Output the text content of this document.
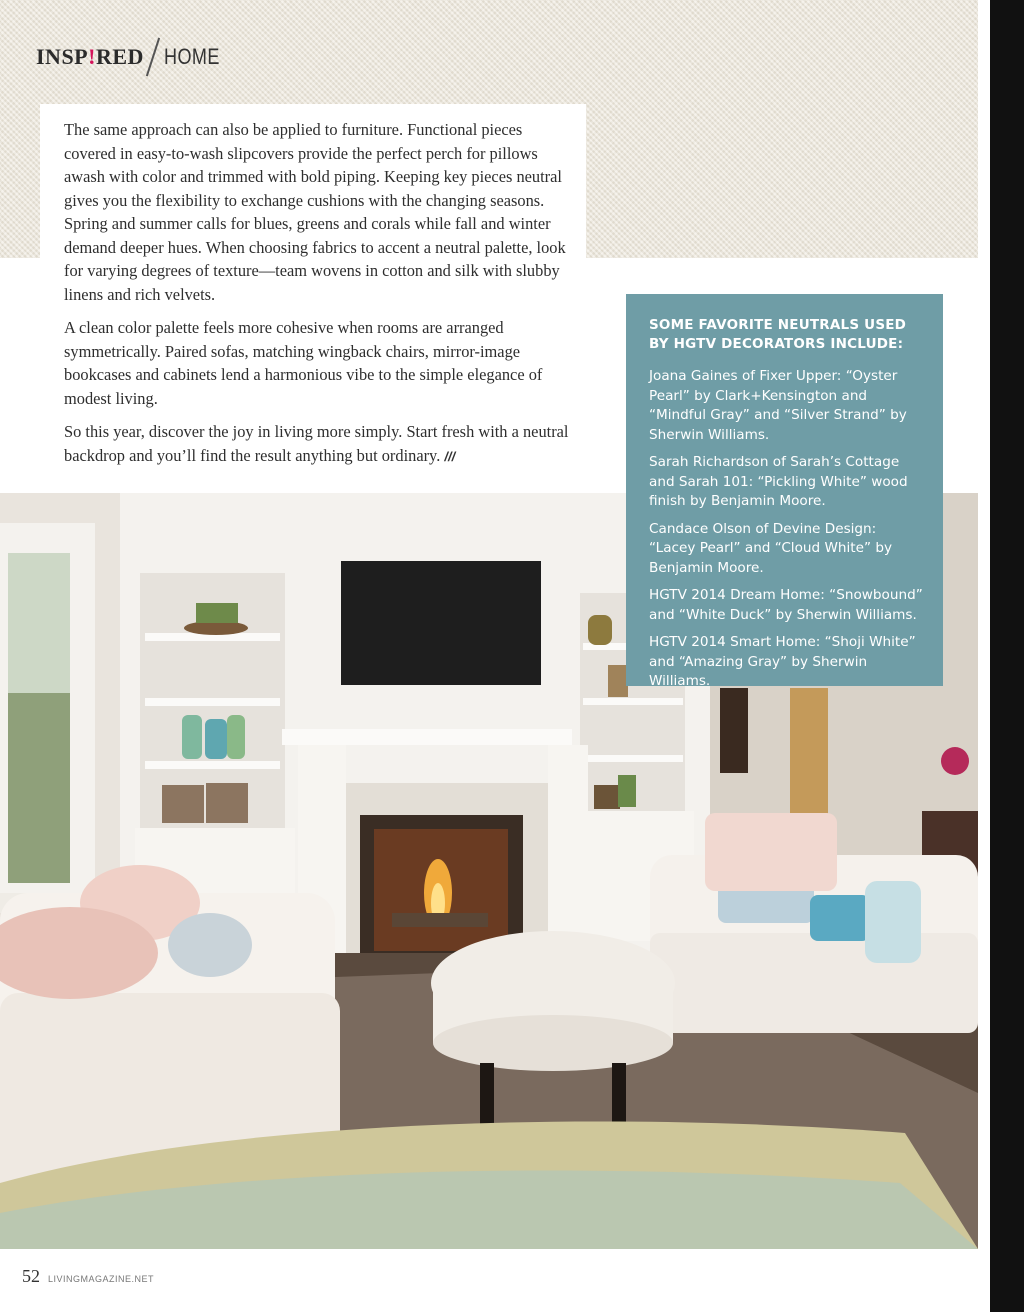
INSP!RED HOME

The same approach can also be applied to furniture. Functional pieces covered in easy-to-wash slipcovers provide the perfect perch for pillows awash with color and trimmed with bold piping. Keeping key pieces neutral gives you the flexibility to exchange cushions with the changing seasons. Spring and summer calls for blues, greens and corals while fall and winter demand deeper hues. When choosing fabrics to accent a neutral palette, look for varying degrees of texture—team wovens in cotton and silk with slubby linens and rich velvets.

A clean color palette feels more cohesive when rooms are arranged symmetrically. Paired sofas, matching wingback chairs, mirror-image bookcases and cabinets lend a harmonious vibe to the simple elegance of modest living.

So this year, discover the joy in living more simply. Start fresh with a neutral backdrop and you’ll find the result anything but ordinary. ///

SOME FAVORITE NEUTRALS USED BY HGTV DECORATORS INCLUDE:

Joana Gaines of Fixer Upper: “Oyster Pearl” by Clark+Kensington and “Mindful Gray” and “Silver Strand” by Sherwin Williams.

Sarah Richardson of Sarah’s Cottage and Sarah 101: “Pickling White” wood finish by Benjamin Moore.

Candace Olson of Devine Design: “Lacey Pearl” and “Cloud White” by Benjamin Moore.

HGTV 2014 Dream Home: “Snowbound” and “White Duck” by Sherwin Williams.

HGTV 2014 Smart Home: “Shoji White” and “Amazing Gray” by Sherwin Williams.

52 LIVINGMAGAZINE.NET
